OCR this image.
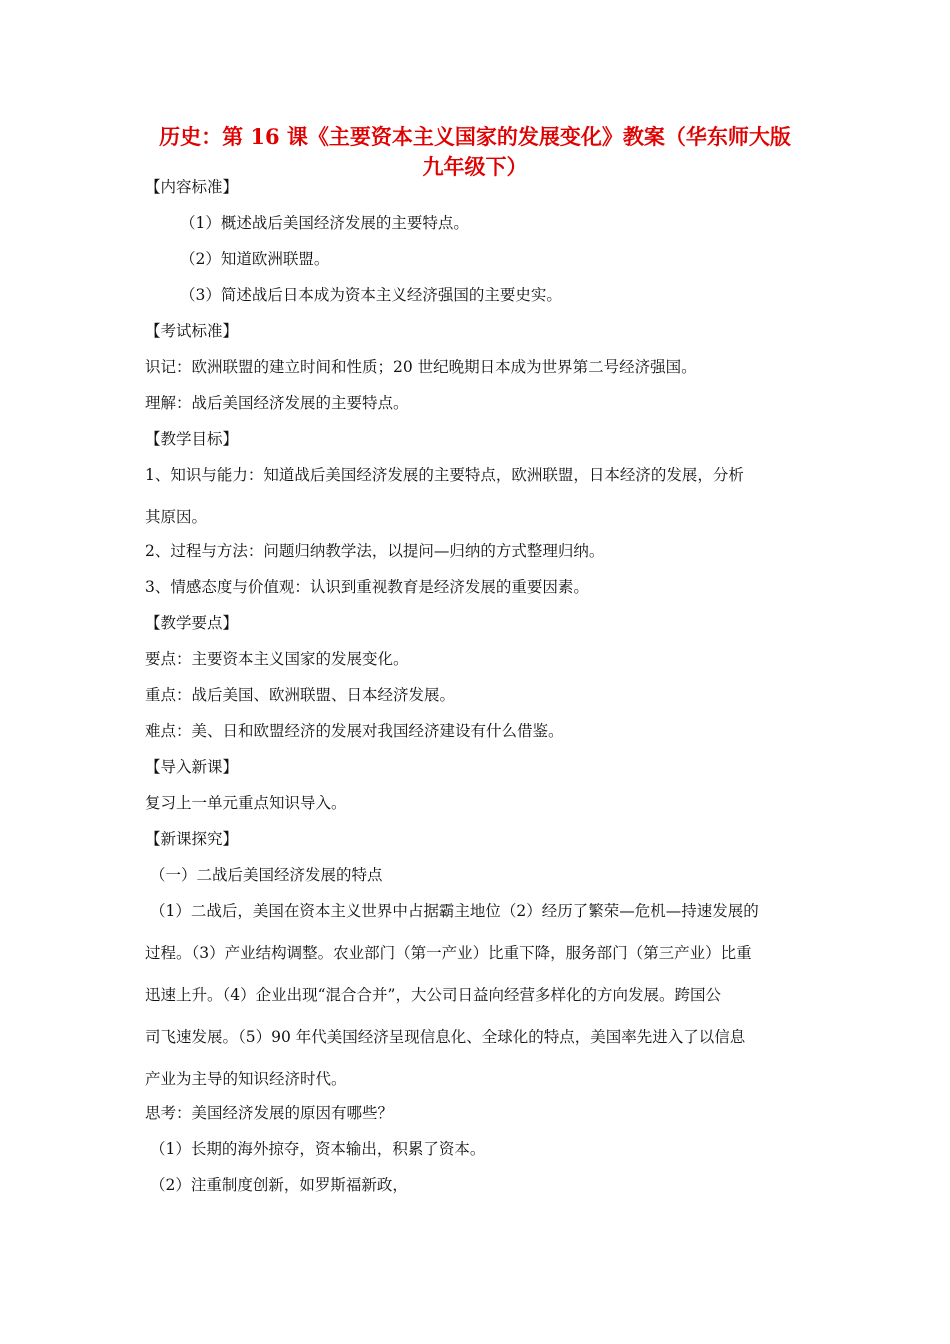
历史：第 16 课《主要资本主义国家的发展变化》教案（华东师大版
九年级下）
【内容标准】
（1）概述战后美国经济发展的主要特点。
（2）知道欧洲联盟。
（3）简述战后日本成为资本主义经济强国的主要史实。
【考试标准】
识记：欧洲联盟的建立时间和性质；20 世纪晚期日本成为世界第二号经济强国。
理解：战后美国经济发展的主要特点。
【教学目标】
1、知识与能力：知道战后美国经济发展的主要特点，欧洲联盟，日本经济的发展，分析
其原因。
2、过程与方法：问题归纳教学法，以提问—归纳的方式整理归纳。
3、情感态度与价值观：认识到重视教育是经济发展的重要因素。
【教学要点】
要点：主要资本主义国家的发展变化。
重点：战后美国、欧洲联盟、日本经济发展。
难点：美、日和欧盟经济的发展对我国经济建设有什么借鉴。
【导入新课】
复习上一单元重点知识导入。
【新课探究】
（一）二战后美国经济发展的特点
（1）二战后，美国在资本主义世界中占据霸主地位（2）经历了繁荣—危机—持速发展的
过程。（3）产业结构调整。农业部门（第一产业）比重下降，服务部门（第三产业）比重
迅速上升。（4）企业出现“混合合并”，大公司日益向经营多样化的方向发展。跨国公
司飞速发展。（5）90 年代美国经济呈现信息化、全球化的特点，美国率先进入了以信息
产业为主导的知识经济时代。
思考：美国经济发展的原因有哪些？
（1）长期的海外掠夺，资本输出，积累了资本。
（2）注重制度创新，如罗斯福新政，
